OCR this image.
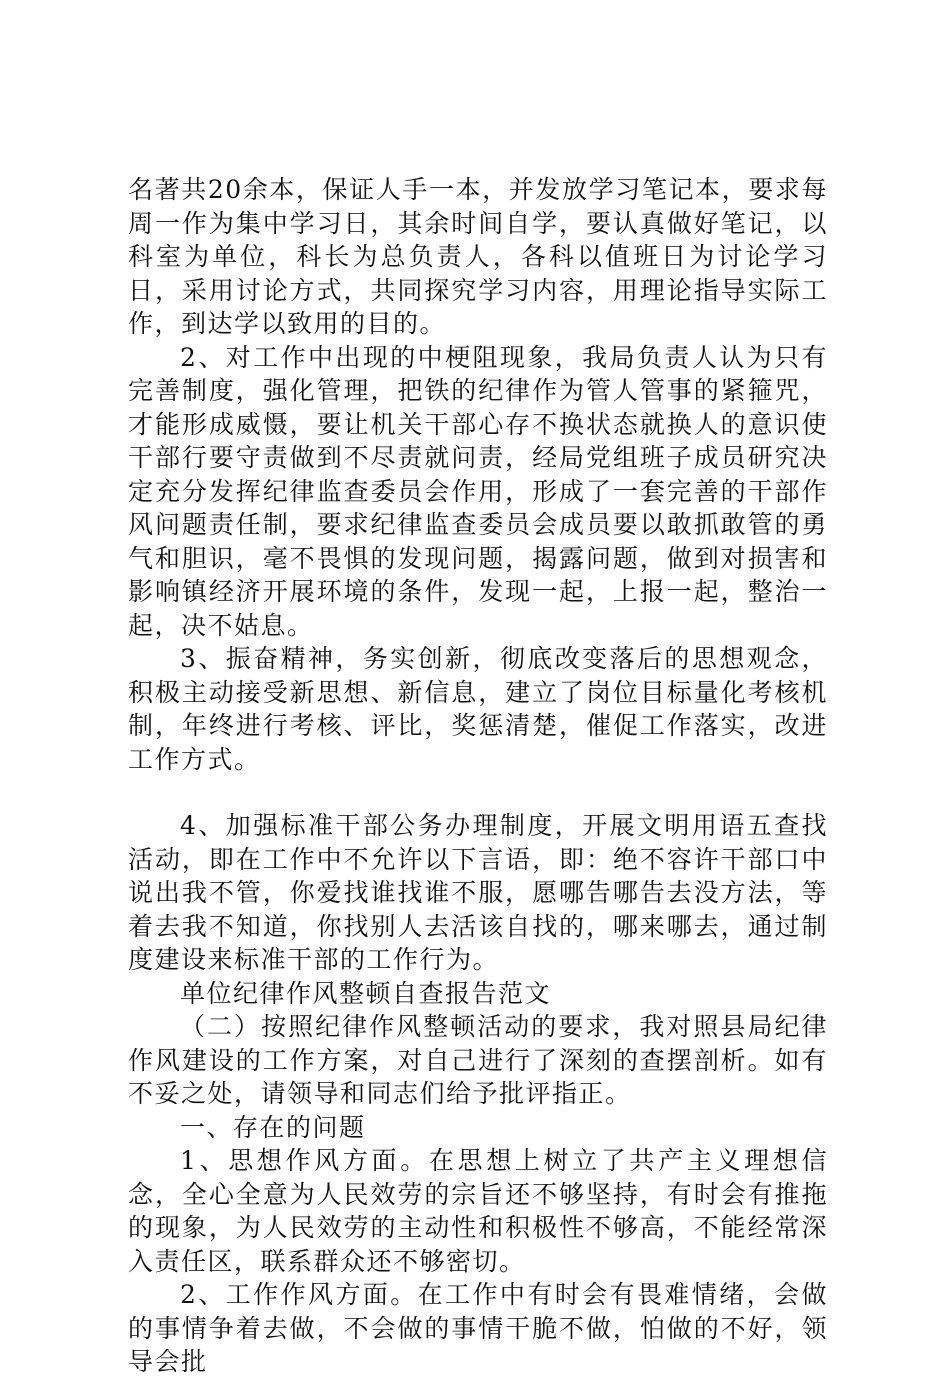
名著共20余本，保证人手一本，并发放学习笔记本，要求每周一作为集中学习日，其余时间自学，要认真做好笔记，以科室为单位，科长为总负责人，各科以值班日为讨论学习日，采用讨论方式，共同探究学习内容，用理论指导实际工作，到达学以致用的目的。

2、对工作中出现的中梗阻现象，我局负责人认为只有完善制度，强化管理，把铁的纪律作为管人管事的紧箍咒，才能形成威慑，要让机关干部心存不换状态就换人的意识使干部行要守责做到不尽责就问责，经局党组班子成员研究决定充分发挥纪律监查委员会作用，形成了一套完善的干部作风问题责任制，要求纪律监查委员会成员要以敢抓敢管的勇气和胆识，毫不畏惧的发现问题，揭露问题，做到对损害和影响镇经济开展环境的条件，发现一起，上报一起，整治一起，决不姑息。

3、振奋精神，务实创新，彻底改变落后的思想观念，积极主动接受新思想、新信息，建立了岗位目标量化考核机制，年终进行考核、评比，奖惩清楚，催促工作落实，改进工作方式。

4、加强标准干部公务办理制度，开展文明用语五查找活动，即在工作中不允许以下言语，即：绝不容许干部口中说出我不管，你爱找谁找谁不服，愿哪告哪告去没方法，等着去我不知道，你找别人去活该自找的，哪来哪去，通过制度建设来标准干部的工作行为。

单位纪律作风整顿自查报告范文

（二）按照纪律作风整顿活动的要求，我对照县局纪律作风建设的工作方案，对自己进行了深刻的查摆剖析。如有不妥之处，请领导和同志们给予批评指正。

一、存在的问题

1、思想作风方面。在思想上树立了共产主义理想信念，全心全意为人民效劳的宗旨还不够坚持，有时会有推拖的现象，为人民效劳的主动性和积极性不够高，不能经常深入责任区，联系群众还不够密切。

2、工作作风方面。在工作中有时会有畏难情绪，会做的事情争着去做，不会做的事情干脆不做，怕做的不好，领导会批
